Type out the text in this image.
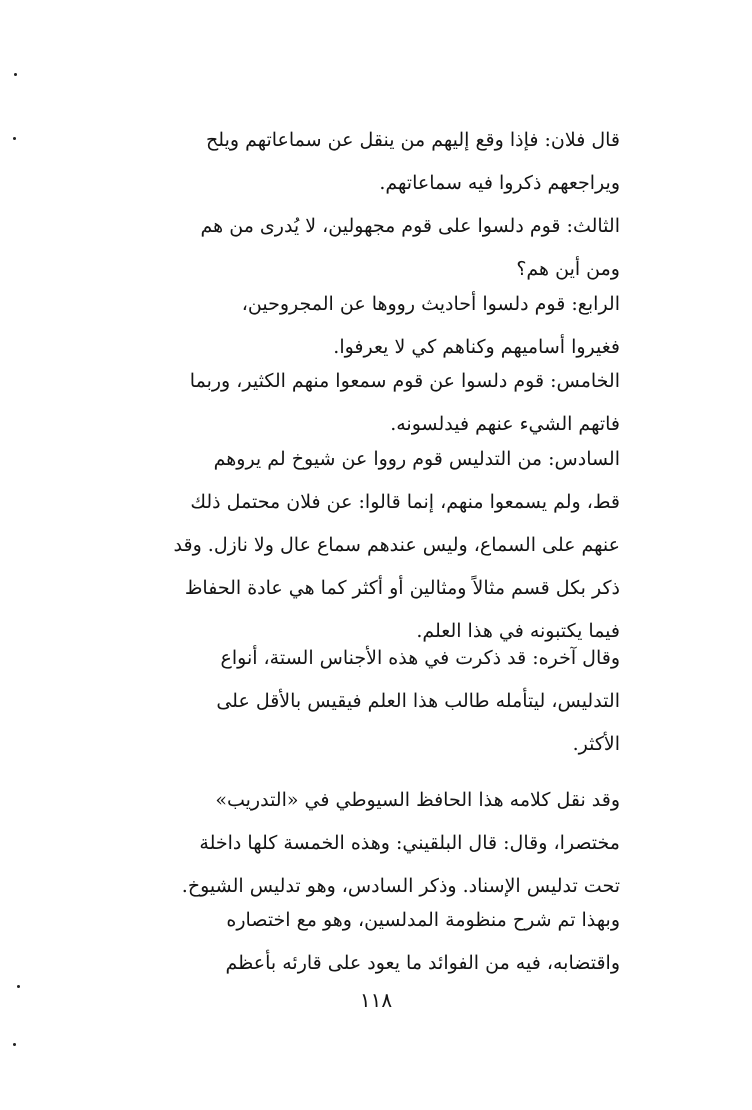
قال فلان: فإذا وقع إليهم من ينقل عن سماعاتهم ويلح
ويراجعهم ذكروا فيه سماعاتهم.
الثالث: قوم دلسوا على قوم مجهولين، لا يُدرى من هم
ومن أين هم؟
الرابع: قوم دلسوا أحاديث رووها عن المجروحين،
فغيروا أساميهم وكناهم كي لا يعرفوا.
الخامس: قوم دلسوا عن قوم سمعوا منهم الكثير، وربما
فاتهم الشيء عنهم فيدلسونه.
السادس: من التدليس قوم رووا عن شيوخ لم يروهم
قط، ولم يسمعوا منهم، إنما قالوا: عن فلان محتمل ذلك
عنهم على السماع، وليس عندهم سماع عال ولا نازل. وقد
ذكر بكل قسم مثالاً ومثالين أو أكثر كما هي عادة الحفاظ
فيما يكتبونه في هذا العلم.
وقال آخره: قد ذكرت في هذه الأجناس الستة، أنواع
التدليس، ليتأمله طالب هذا العلم فيقيس بالأقل على
الأكثر.
وقد نقل كلامه هذا الحافظ السيوطي في «التدريب»
مختصرا، وقال: قال البلقيني: وهذه الخمسة كلها داخلة
تحت تدليس الإسناد. وذكر السادس، وهو تدليس الشيوخ.
وبهذا تم شرح منظومة المدلسين، وهو مع اختصاره
واقتضابه، فيه من الفوائد ما يعود على قارئه بأعظم
١١٨
